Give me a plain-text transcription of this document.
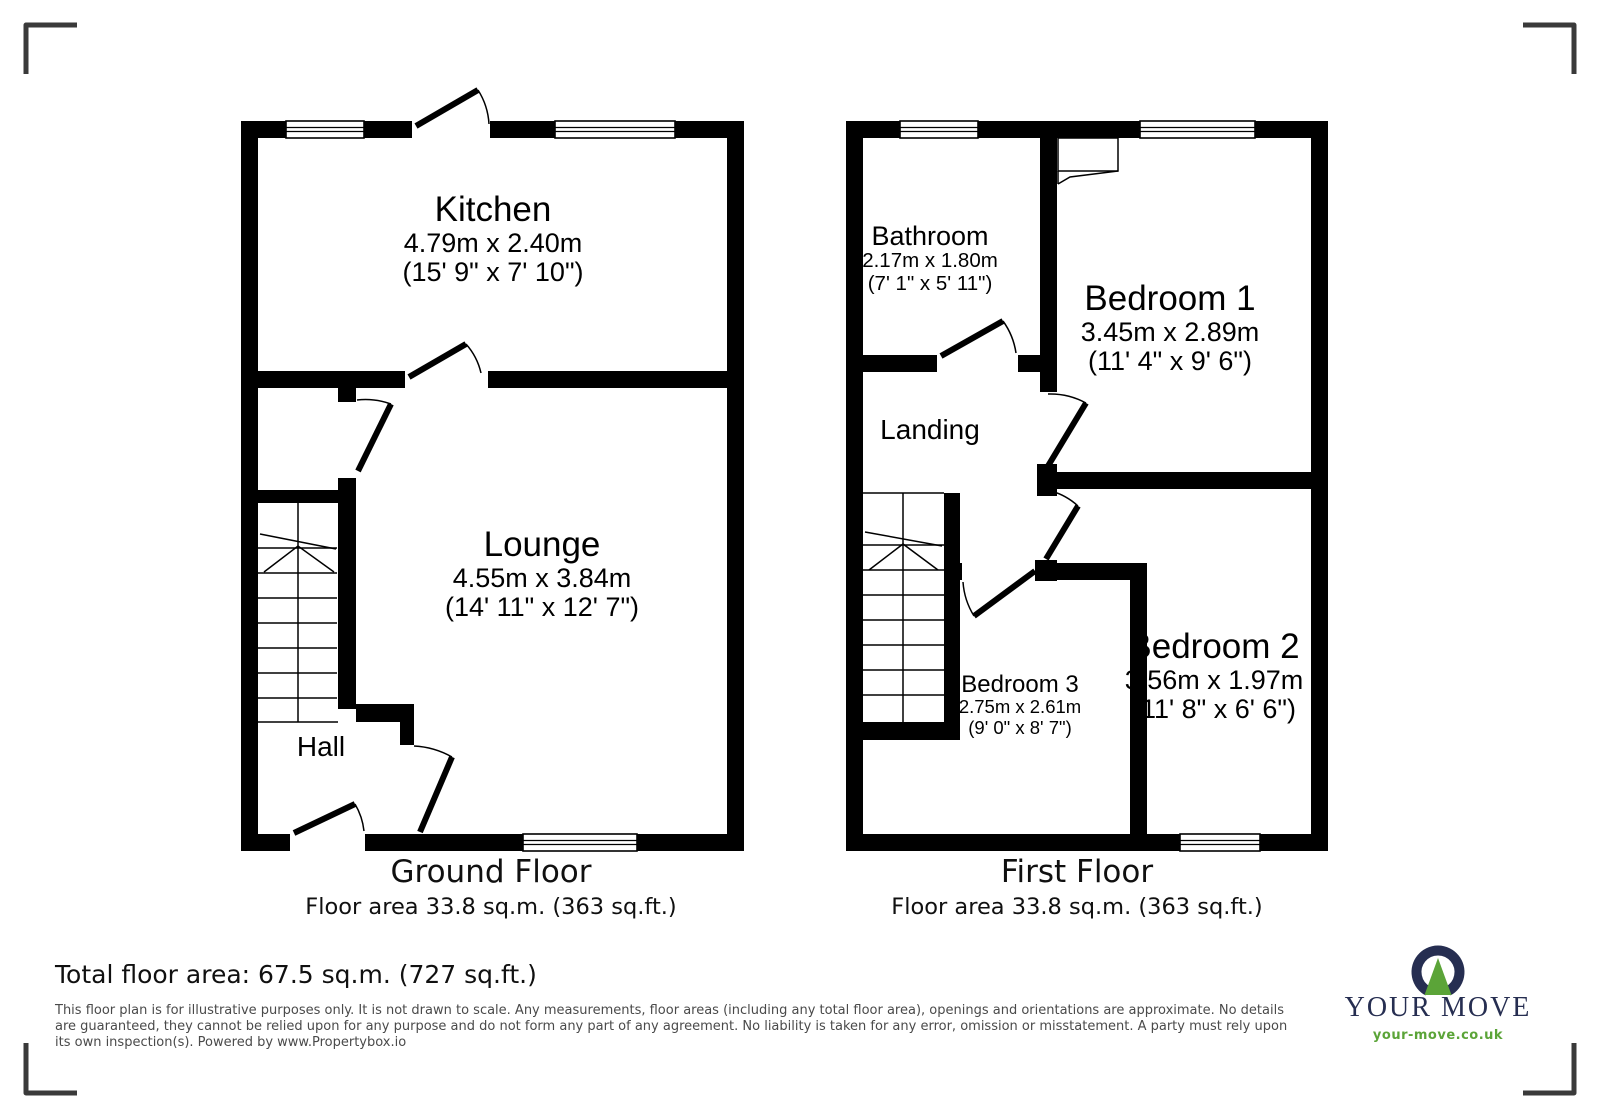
Kitchen
4.79m x 2.40m
(15' 9" x 7' 10")
Lounge
4.55m x 3.84m
(14' 11" x 12' 7")
Hall
Bathroom
2.17m x 1.80m
(7' 1" x 5' 11")	Bedroom 1
3.45m x 2.89m
(11' 4" x 9' 6")
Landing
Bedroom 2
3.56m x 1.97m
(11' 8" x 6' 6")
Bedroom 3
2.75m x 2.61m
(9' 0" x 8' 7")
Ground Floor
Floor area 33.8 sq.m. (363 sq.ft.)
First Floor
Floor area 33.8 sq.m. (363 sq.ft.)
Total floor area: 67.5 sq.m. (727 sq.ft.)
This floor plan is for illustrative purposes only. It is not drawn to scale. Any measurements, floor areas (including any total floor area), openings and orientations are approximate. No details are guaranteed, they cannot be relied upon for any purpose and do not form any part of any agreement. No liability is taken for any error, omission or misstatement. A party must rely upon its own inspection(s). Powered by www.Propertybox.io
YOUR MOVE
your-move.co.uk
